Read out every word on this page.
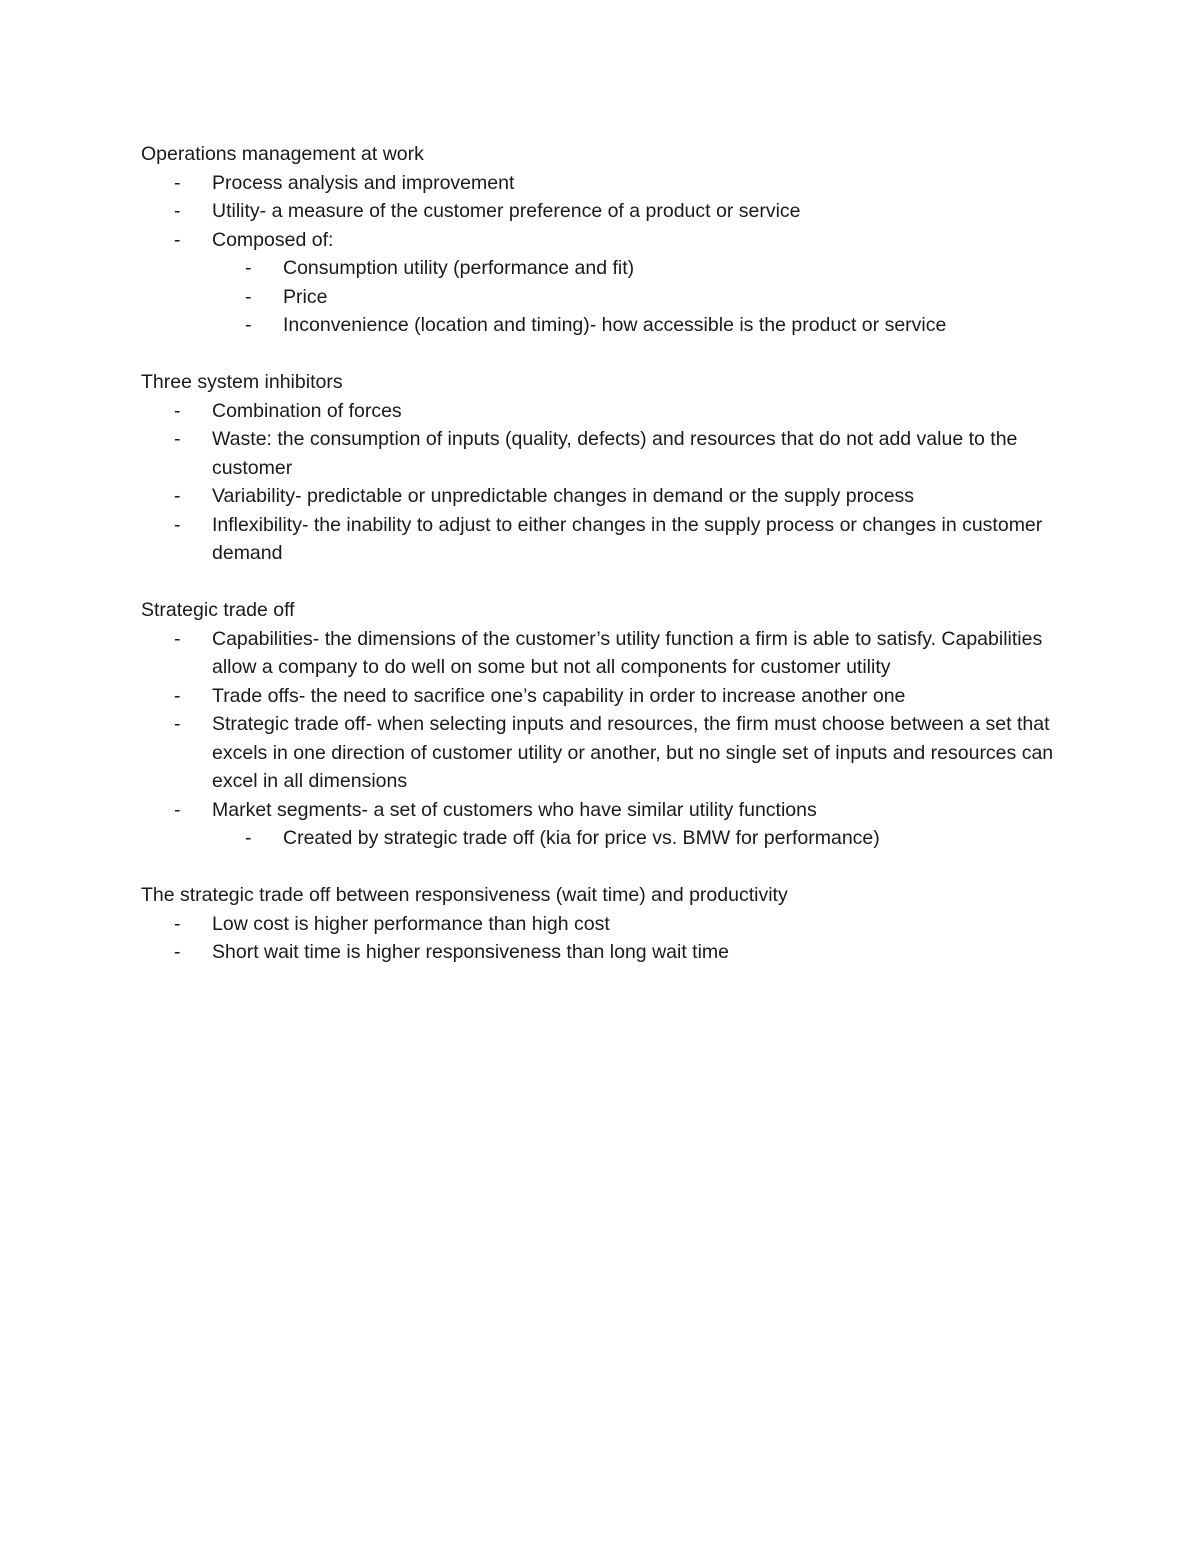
Operations management at work

- Process analysis and improvement
- Utility- a measure of the customer preference of a product or service
- Composed of:
- Consumption utility (performance and fit)
- Price
- Inconvenience (location and timing)- how accessible is the product or service

Three system inhibitors

- Combination of forces
- Waste: the consumption of inputs (quality, defects) and resources that do not add value to the customer
- Variability- predictable or unpredictable changes in demand or the supply process
- Inflexibility- the inability to adjust to either changes in the supply process or changes in customer demand

Strategic trade off

- Capabilities- the dimensions of the customer’s utility function a firm is able to satisfy. Capabilities allow a company to do well on some but not all components for customer utility
- Trade offs- the need to sacrifice one’s capability in order to increase another one
- Strategic trade off- when selecting inputs and resources, the firm must choose between a set that excels in one direction of customer utility or another, but no single set of inputs and resources can excel in all dimensions
- Market segments- a set of customers who have similar utility functions
- Created by strategic trade off (kia for price vs. BMW for performance)

The strategic trade off between responsiveness (wait time) and productivity

- Low cost is higher performance than high cost
- Short wait time is higher responsiveness than long wait time
